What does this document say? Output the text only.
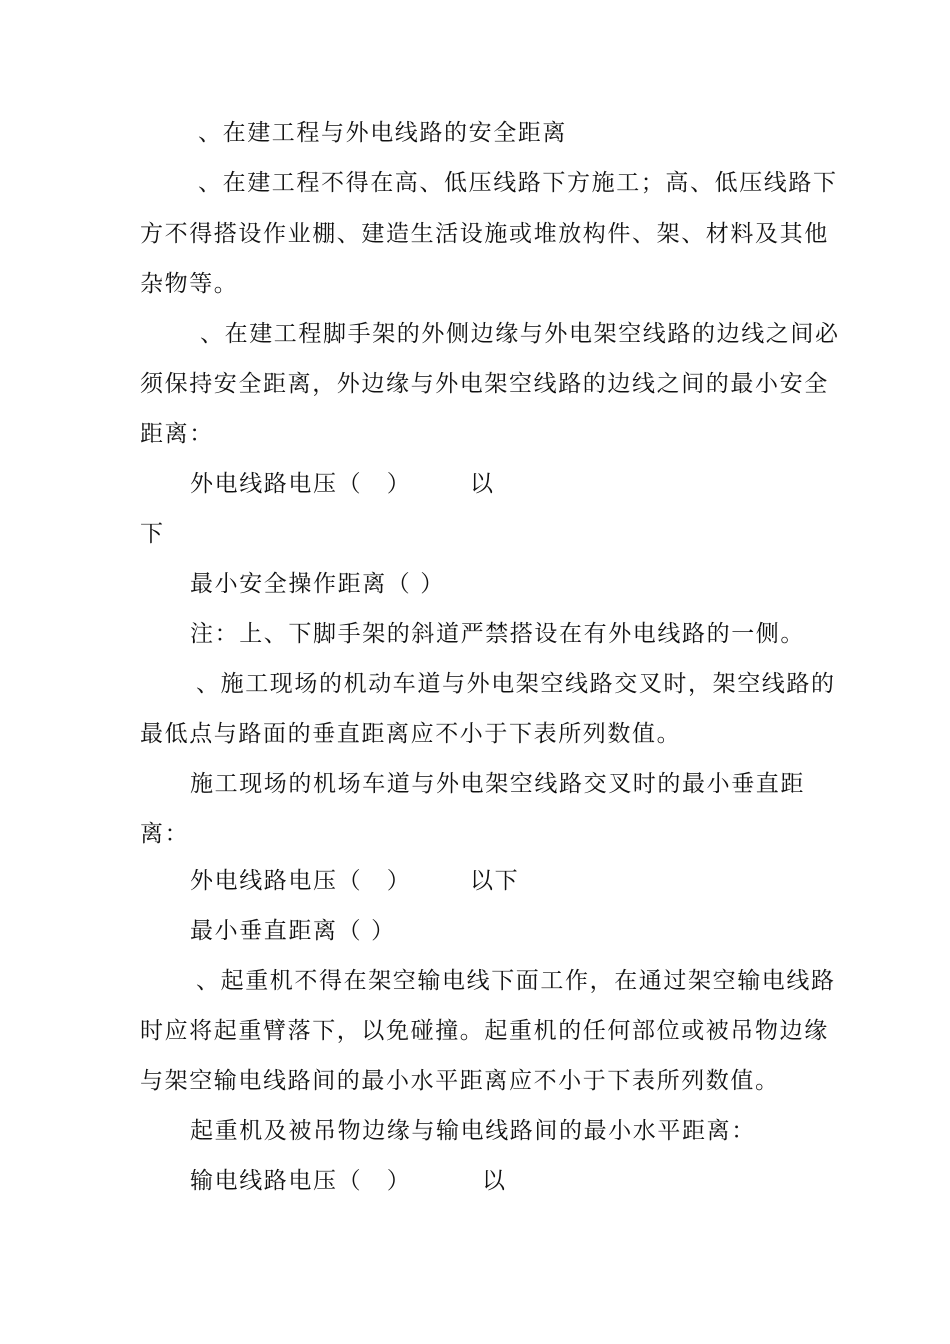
、在建工程与外电线路的安全距离
、在建工程不得在高、低压线路下方施工；高、低压线路下
方不得搭设作业棚、建造生活设施或堆放构件、架、材料及其他
杂物等。
、在建工程脚手架的外侧边缘与外电架空线路的边线之间必
须保持安全距离，外边缘与外电架空线路的边线之间的最小安全
距离：
外电线路电压（　）	以
下
最小安全操作距离（ ）
注：上、下脚手架的斜道严禁搭设在有外电线路的一侧。
、施工现场的机动车道与外电架空线路交叉时，架空线路的
最低点与路面的垂直距离应不小于下表所列数值。
施工现场的机场车道与外电架空线路交叉时的最小垂直距
离：
外电线路电压（　）	以下
最小垂直距离（ ）
、起重机不得在架空输电线下面工作，在通过架空输电线路
时应将起重臂落下，以免碰撞。起重机的任何部位或被吊物边缘
与架空输电线路间的最小水平距离应不小于下表所列数值。
起重机及被吊物边缘与输电线路间的最小水平距离：
输电线路电压（　）	以
